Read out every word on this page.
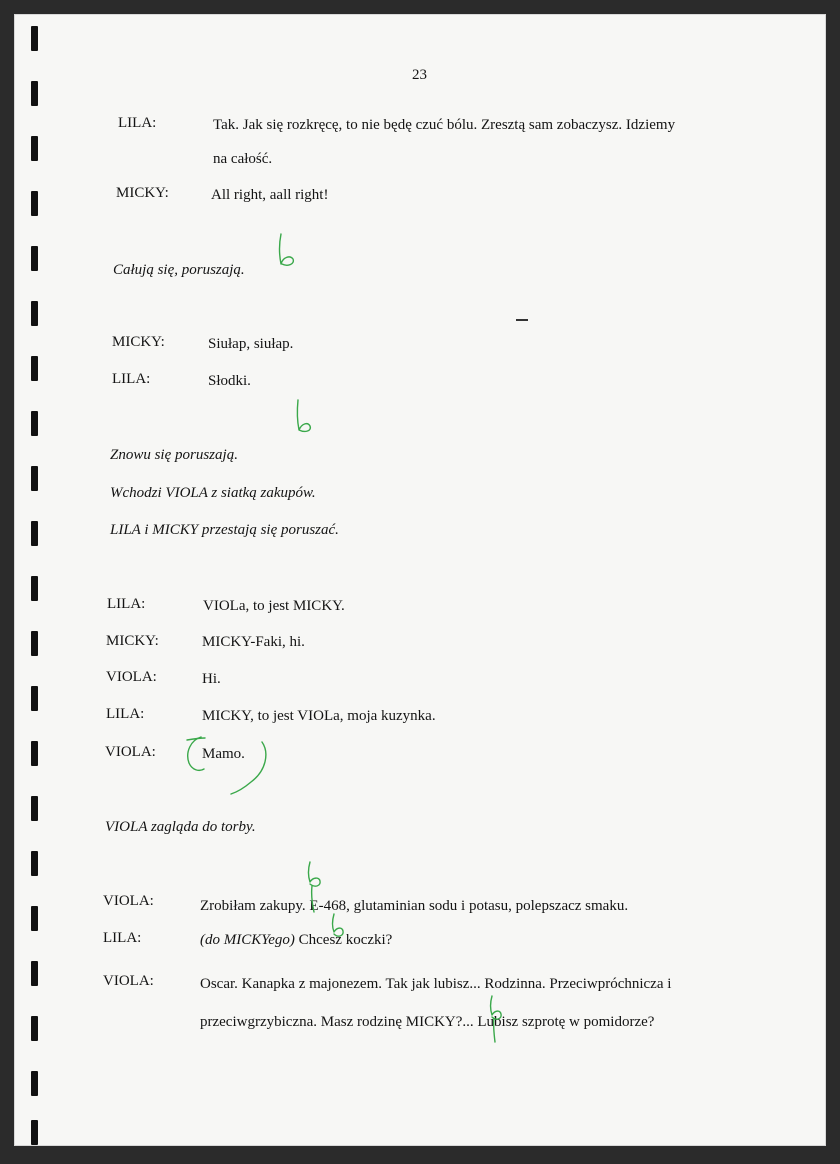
23
LILA:	Tak. Jak się rozkręcę, to nie będę czuć bólu. Zresztą sam zobaczysz. Idziemy
na całość.
MICKY:	All right, aall right!
Całują się, poruszają.
MICKY:	Siułap, siułap.
LILA:	Słodki.
Znowu się poruszają.
Wchodzi VIOLA z siatką zakupów.
LILA i MICKY przestają się poruszać.
LILA:	VIOLa, to jest MICKY.
MICKY:	MICKY-Faki, hi.
VIOLA:	Hi.
LILA:	MICKY, to jest VIOLa, moja kuzynka.
VIOLA:	Mamo.
VIOLA zagląda do torby.
VIOLA:	Zrobiłam zakupy. E-468, glutaminian sodu i potasu, polepszacz smaku.
LILA:	(do MICKYego) Chcesz koczki?
VIOLA:	Oscar. Kanapka z majonezem. Tak jak lubisz... Rodzinna. Przeciwpróchnicza i
przeciwgrzybiczna. Masz rodzinę MICKY?... Lubisz szprotę w pomidorze?
